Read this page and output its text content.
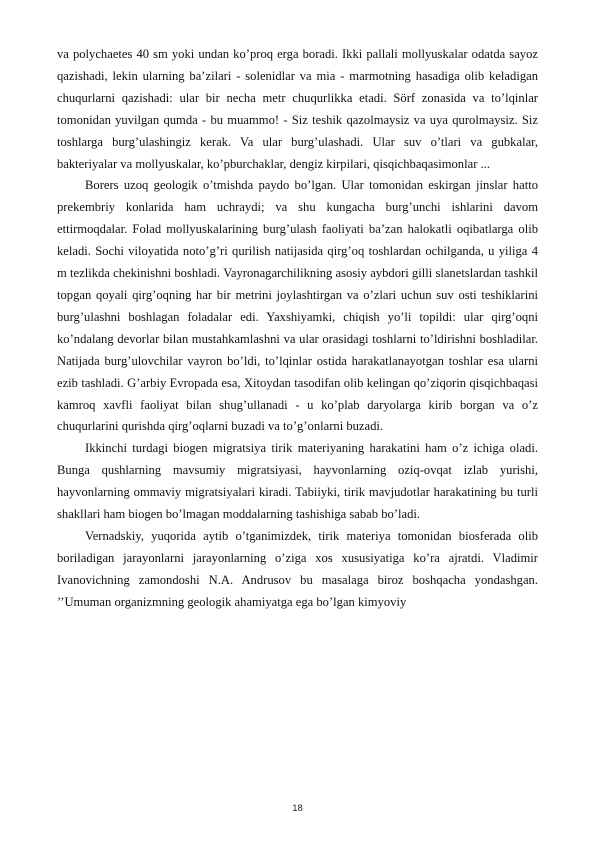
va polychaetes 40 sm yoki undan ko’proq erga boradi. Ikki pallali mollyuskalar odatda sayoz qazishadi, lekin ularning ba’zilari - solenidlar va mia - marmotning hasadiga olib keladigan chuqurlarni qazishadi: ular bir necha metr chuqurlikka etadi. Sörf zonasida va to’lqinlar tomonidan yuvilgan qumda - bu muammo! - Siz teshik qazolmaysiz va uya qurolmaysiz. Siz toshlarga burg’ulashingiz kerak. Va ular burg’ulashadi. Ular suv o’tlari va gubkalar, bakteriyalar va mollyuskalar, ko’pburchaklar, dengiz kirpilari, qisqichbaqasimonlar ...

Borers uzoq geologik o’tmishda paydo bo’lgan. Ular tomonidan eskirgan jinslar hatto prekembriy konlarida ham uchraydi; va shu kungacha burg’unchi ishlarini davom ettirmoqdalar. Folad mollyuskalarining burg’ulash faoliyati ba’zan halokatli oqibatlarga olib keladi. Sochi viloyatida noto’g’ri qurilish natijasida qirg’oq toshlardan ochilganda, u yiliga 4 m tezlikda chekinishni boshladi. Vayronagarchilikning asosiy aybdori gilli slanetslardan tashkil topgan qoyali qirg’oqning har bir metrini joylashtirgan va o’zlari uchun suv osti teshiklarini burg’ulashni boshlagan foladalar edi. Yaxshiyamki, chiqish yo’li topildi: ular qirg’oqni ko’ndalang devorlar bilan mustahkamlashni va ular orasidagi toshlarni to’ldirishni boshladilar. Natijada burg’ulovchilar vayron bo’ldi, to’lqinlar ostida harakatlanayotgan toshlar esa ularni ezib tashladi. G’arbiy Evropada esa, Xitoydan tasodifan olib kelingan qo’ziqorin qisqichbaqasi kamroq xavfli faoliyat bilan shug’ullanadi - u ko’plab daryolarga kirib borgan va o’z chuqurlarini qurishda qirg’oqlarni buzadi va to’g’onlarni buzadi.

Ikkinchi turdagi biogen migratsiya tirik materiyaning harakatini ham o’z ichiga oladi. Bunga qushlarning mavsumiy migratsiyasi, hayvonlarning oziq-ovqat izlab yurishi, hayvonlarning ommaviy migratsiyalari kiradi. Tabiiyki, tirik mavjudotlar harakatining bu turli shakllari ham biogen bo’lmagan moddalarning tashishiga sabab bo’ladi.

Vernadskiy, yuqorida aytib o’tganimizdek, tirik materiya tomonidan biosferada olib boriladigan jarayonlarni jarayonlarning o’ziga xos xususiyatiga ko’ra ajratdi. Vladimir Ivanovichning zamondoshi N.A. Andrusov bu masalaga biroz boshqacha yondashgan. ’’Umuman organizmning geologik ahamiyatga ega bo’lgan kimyoviy

18
